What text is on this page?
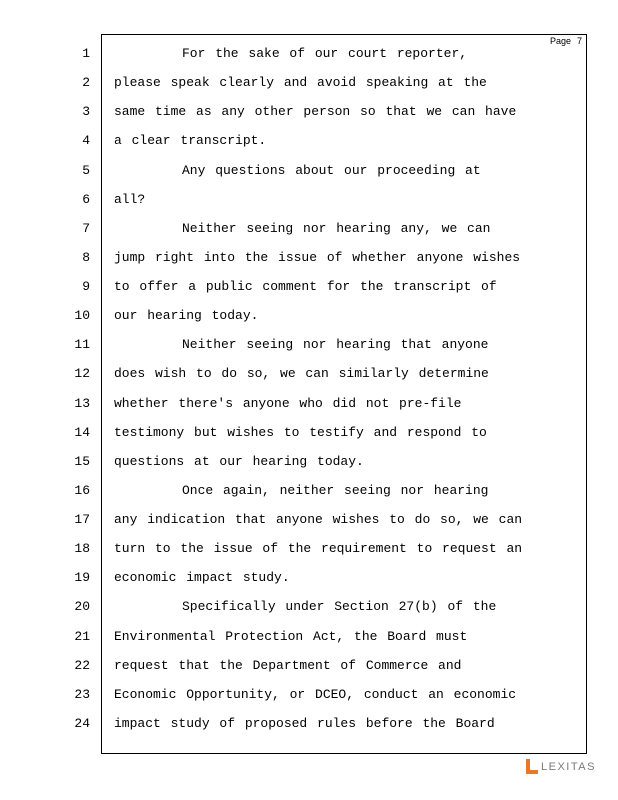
Page 7
1	For the sake of our court reporter,
2 please speak clearly and avoid speaking at the
3 same time as any other person so that we can have
4 a clear transcript.
5	Any questions about our proceeding at
6 all?
7	Neither seeing nor hearing any, we can
8 jump right into the issue of whether anyone wishes
9 to offer a public comment for the transcript of
10 our hearing today.
11	Neither seeing nor hearing that anyone
12 does wish to do so, we can similarly determine
13 whether there's anyone who did not pre-file
14 testimony but wishes to testify and respond to
15 questions at our hearing today.
16	Once again, neither seeing nor hearing
17 any indication that anyone wishes to do so, we can
18 turn to the issue of the requirement to request an
19 economic impact study.
20	Specifically under Section 27(b) of the
21 Environmental Protection Act, the Board must
22 request that the Department of Commerce and
23 Economic Opportunity, or DCEO, conduct an economic
24 impact study of proposed rules before the Board
LEXITAS
